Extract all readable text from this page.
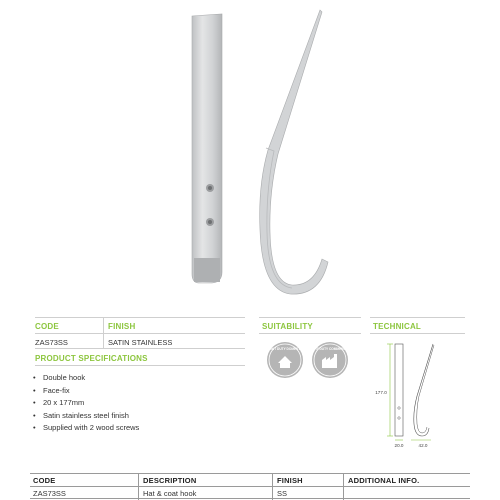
CODE	FINISH
ZAS73SS	SATIN STAINLESS
PRODUCT SPECIFICATIONS
• Double hook
• Face-fix
• 20 x 177mm
• Satin stainless steel finish
• Supplied with 2 wood screws
SUITABILITY
LIGHT DUTY DOMESTIC LIGHT DUTY COMMERCIAL
TECHNICAL
177.0
20.0	42.0
CODE	DESCRIPTION	FINISH	ADDITIONAL INFO.
ZAS73SS	Hat & coat hook	SS
